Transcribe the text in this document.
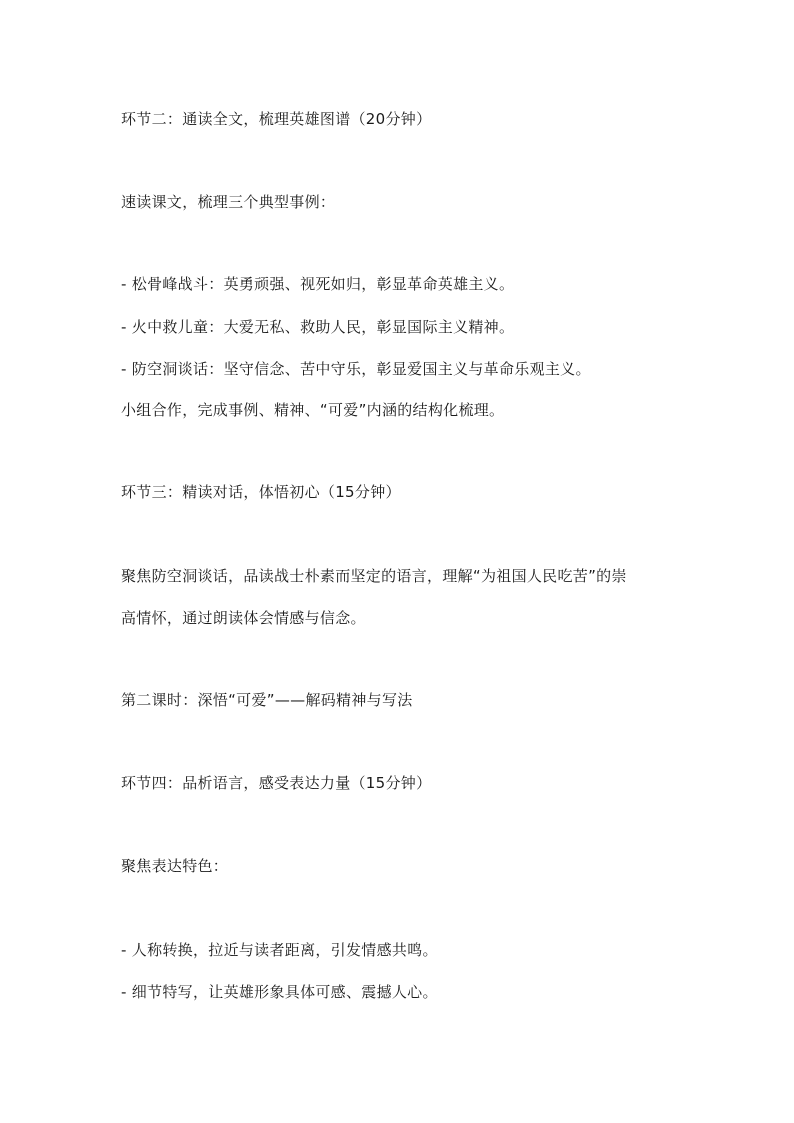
环节二：通读全文，梳理英雄图谱（20分钟）
速读课文，梳理三个典型事例：
- 松骨峰战斗：英勇顽强、视死如归，彰显革命英雄主义。
- 火中救儿童：大爱无私、救助人民，彰显国际主义精神。
- 防空洞谈话：坚守信念、苦中守乐，彰显爱国主义与革命乐观主义。
小组合作，完成事例、精神、“可爱”内涵的结构化梳理。
环节三：精读对话，体悟初心（15分钟）
聚焦防空洞谈话，品读战士朴素而坚定的语言，理解“为祖国人民吃苦”的崇
高情怀，通过朗读体会情感与信念。
第二课时：深悟“可爱”——解码精神与写法
环节四：品析语言，感受表达力量（15分钟）
聚焦表达特色：
- 人称转换，拉近与读者距离，引发情感共鸣。
- 细节特写，让英雄形象具体可感、震撼人心。
